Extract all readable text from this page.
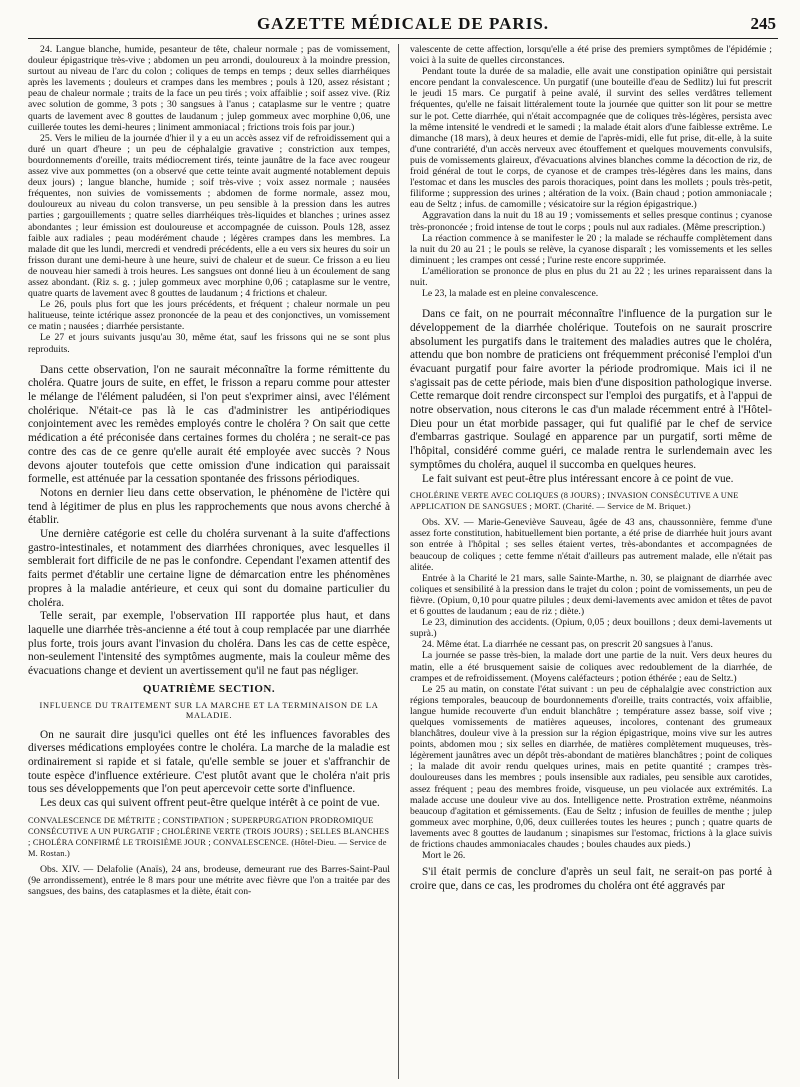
GAZETTE MÉDICALE DE PARIS.	245

24. Langue blanche, humide, pesanteur de tête, chaleur normale ; pas de vomissement, douleur épigastrique très-vive ; abdomen un peu arrondi, douloureux à la moindre pression, surtout au niveau de l'arc du colon ; coliques de temps en temps ; deux selles diarrhéiques après les lavements ; douleurs et crampes dans les membres ; pouls à 120, assez résistant ; peau de chaleur normale ; traits de la face un peu tirés ; voix affaiblie ; soif assez vive. (Riz avec solution de gomme, 3 pots ; 30 sangsues à l'anus ; cataplasme sur le ventre ; quatre quarts de lavement avec 8 gouttes de laudanum ; julep gommeux avec morphine 0,06, une cuillerée toutes les demi-heures ; liniment ammoniacal ; frictions trois fois par jour.)

25. Vers le milieu de la journée d'hier il y a eu un accès assez vif de refroidissement qui a duré un quart d'heure ; un peu de céphalalgie gravative ; constriction aux tempes, bourdonnements d'oreille, traits médiocrement tirés, teinte jaunâtre de la face avec rougeur assez vive aux pommettes (on a observé que cette teinte avait augmenté notablement depuis deux jours) ; langue blanche, humide ; soif très-vive ; voix assez normale ; nausées fréquentes, non suivies de vomissements ; abdomen de forme normale, assez mou, douloureux au niveau du colon transverse, un peu sensible à la pression dans les autres parties ; gargouillements ; quatre selles diarrhéiques très-liquides et blanches ; urines assez abondantes ; leur émission est douloureuse et accompagnée de cuisson. Pouls 128, assez faible aux radiales ; peau modérément chaude ; légères crampes dans les membres. La malade dit que les lundi, mercredi et vendredi précédents, elle a eu vers six heures du soir un frisson durant une demi-heure à une heure, suivi de chaleur et de sueur. Ce frisson a eu lieu de nouveau hier samedi à trois heures. Les sangsues ont donné lieu à un écoulement de sang assez abondant. (Riz s. g. ; julep gommeux avec morphine 0,06 ; cataplasme sur le ventre, quatre quarts de lavement avec 8 gouttes de laudanum ; 4 frictions et chaleur.

Le 26, pouls plus fort que les jours précédents, et fréquent ; chaleur normale un peu halitueuse, teinte ictérique assez prononcée de la peau et des conjonctives, un vomissement ce matin ; nausées ; diarrhée persistante.

Le 27 et jours suivants jusqu'au 30, même état, sauf les frissons qui ne se sont plus reproduits.

Dans cette observation, l'on ne saurait méconnaître la forme rémittente du choléra. Quatre jours de suite, en effet, le frisson a reparu comme pour attester le mélange de l'élément paludéen, si l'on peut s'exprimer ainsi, avec l'élément cholérique. N'était-ce pas là le cas d'administrer les antipériodiques conjointement avec les remèdes employés contre le choléra ? On sait que cette médication a été préconisée dans certaines formes du choléra ; ne serait-ce pas contre des cas de ce genre qu'elle aurait été employée avec succès ? Nous devons ajouter toutefois que cette omission d'une indication qui paraissait formelle, est atténuée par la cessation spontanée des frissons périodiques.

Notons en dernier lieu dans cette observation, le phénomène de l'ictère qui tend à légitimer de plus en plus les rapprochements que nous avons cherché à établir.

Une dernière catégorie est celle du choléra survenant à la suite d'affections gastro-intestinales, et notamment des diarrhées chroniques, avec lesquelles il semblerait fort difficile de ne pas le confondre. Cependant l'examen attentif des faits permet d'établir une certaine ligne de démarcation entre les phénomènes propres à la maladie antérieure, et ceux qui sont du domaine particulier du choléra.

Telle serait, par exemple, l'observation III rapportée plus haut, et dans laquelle une diarrhée très-ancienne a été tout à coup remplacée par une diarrhée plus forte, trois jours avant l'invasion du choléra. Dans les cas de cette espèce, non-seulement l'intensité des symptômes augmente, mais la couleur même des évacuations change et devient un avertissement qu'il ne faut pas négliger.

QUATRIÈME SECTION.
INFLUENCE DU TRAITEMENT SUR LA MARCHE ET LA TERMINAISON DE LA MALADIE.

On ne saurait dire jusqu'ici quelles ont été les influences favorables des diverses médications employées contre le choléra. La marche de la maladie est ordinairement si rapide et si fatale, qu'elle semble se jouer et s'affranchir de toute espèce d'influence extérieure. C'est plutôt avant que le choléra n'ait pris tous ses développements que l'on peut apercevoir cette sorte d'influence.

Les deux cas qui suivent offrent peut-être quelque intérêt à ce point de vue.

CONVALESCENCE DE MÉTRITE ; CONSTIPATION ; SUPERPURGATION PRODROMIQUE CONSÉCUTIVE A UN PURGATIF ; CHOLÉRINE VERTE (TROIS JOURS) ; SELLES BLANCHES ; CHOLÉRA CONFIRMÉ LE TROISIÈME JOUR ; CONVALESCENCE. (Hôtel-Dieu. — Service de M. Rostan.)

Obs. XIV. — Delafolie (Anaïs), 24 ans, brodeuse, demeurant rue des Barres-Saint-Paul (9e arrondissement), entrée le 8 mars pour une métrite avec fièvre que l'on a traitée par des sangsues, des bains, des cataplasmes et la diète, était con-

valescente de cette affection, lorsqu'elle a été prise des premiers symptômes de l'épidémie ; voici à la suite de quelles circonstances.

Pendant toute la durée de sa maladie, elle avait une constipation opiniâtre qui persistait encore pendant la convalescence. Un purgatif (une bouteille d'eau de Sedlitz) lui fut prescrit le jeudi 15 mars. Ce purgatif à peine avalé, il survint des selles verdâtres tellement fréquentes, qu'elle ne faisait littéralement toute la journée que quitter son lit pour se mettre sur le pot. Cette diarrhée, qui n'était accompagnée que de coliques très-légères, persista avec la même intensité le vendredi et le samedi ; la malade était alors d'une faiblesse extrême. Le dimanche (18 mars), à deux heures et demie de l'après-midi, elle fut prise, dit-elle, à la suite d'une contrariété, d'un accès nerveux avec étouffement et quelques mouvements convulsifs, puis de vomissements glaireux, d'évacuations alvines blanches comme la décoction de riz, de froid général de tout le corps, de cyanose et de crampes très-légères dans les mains, dans l'estomac et dans les muscles des parois thoraciques, point dans les mollets ; pouls très-petit, filiforme ; suppression des urines ; altération de la voix. (Bain chaud ; potion ammoniacale ; eau de Seltz ; infus. de camomille ; vésicatoire sur la région épigastrique.)

Aggravation dans la nuit du 18 au 19 ; vomissements et selles presque continus ; cyanose très-prononcée ; froid intense de tout le corps ; pouls nul aux radiales. (Même prescription.)

La réaction commence à se manifester le 20 ; la malade se réchauffe complètement dans la nuit du 20 au 21 ; le pouls se relève, la cyanose disparaît ; les vomissements et les selles diminuent ; les crampes ont cessé ; l'urine reste encore supprimée.

L'amélioration se prononce de plus en plus du 21 au 22 ; les urines reparaissent dans la nuit.

Le 23, la malade est en pleine convalescence.

Dans ce fait, on ne pourrait méconnaître l'influence de la purgation sur le développement de la diarrhée cholérique. Toutefois on ne saurait proscrire absolument les purgatifs dans le traitement des maladies autres que le choléra, attendu que bon nombre de praticiens ont fréquemment préconisé l'emploi d'un évacuant purgatif pour faire avorter la période prodromique. Mais ici il ne s'agissait pas de cette période, mais bien d'une disposition pathologique inverse. Cette remarque doit rendre circonspect sur l'emploi des purgatifs, et à l'appui de notre observation, nous citerons le cas d'un malade récemment entré à l'Hôtel-Dieu pour un état morbide passager, qui fut qualifié par le chef de service d'embarras gastrique. Soulagé en apparence par un purgatif, sorti même de l'hôpital, considéré comme guéri, ce malade rentra le surlendemain avec les symptômes du choléra, auquel il succomba en quelques heures.

Le fait suivant est peut-être plus intéressant encore à ce point de vue.

CHOLÉRINE VERTE AVEC COLIQUES (8 JOURS) ; INVASION CONSÉCUTIVE A UNE APPLICATION DE SANGSUES ; MORT. (Charité. — Service de M. Briquet.)

Obs. XV. — Marie-Geneviève Sauveau, âgée de 43 ans, chaussonnière, femme d'une assez forte constitution, habituellement bien portante, a été prise de diarrhée huit jours avant son entrée à l'hôpital ; ses selles étaient vertes, très-abondantes et accompagnées de beaucoup de coliques ; cette femme n'était d'ailleurs pas autrement malade, elle n'était pas alitée.

Entrée à la Charité le 21 mars, salle Sainte-Marthe, n. 30, se plaignant de diarrhée avec coliques et sensibilité à la pression dans le trajet du colon ; point de vomissements, un peu de fièvre. (Opium, 0,10 pour quatre pilules ; deux demi-lavements avec amidon et têtes de pavot et 6 gouttes de laudanum ; eau de riz ; diète.)

Le 23, diminution des accidents. (Opium, 0,05 ; deux bouillons ; deux demi-lavements ut suprà.)

24. Même état. La diarrhée ne cessant pas, on prescrit 20 sangsues à l'anus.

La journée se passe très-bien, la malade dort une partie de la nuit. Vers deux heures du matin, elle a été brusquement saisie de coliques avec redoublement de la diarrhée, de crampes et de refroidissement. (Moyens caléfacteurs ; potion éthérée ; eau de Seltz.)

Le 25 au matin, on constate l'état suivant : un peu de céphalalgie avec constriction aux régions temporales, beaucoup de bourdonnements d'oreille, traits contractés, voix affaiblie, langue humide recouverte d'un enduit blanchâtre ; température assez basse, soif vive ; quelques vomissements de matières aqueuses, incolores, contenant des grumeaux blanchâtres, douleur vive à la pression sur la région épigastrique, moins vive sur les autres points, abdomen mou ; six selles en diarrhée, de matières complètement muqueuses, très-légèrement jaunâtres avec un dépôt très-abondant de matières blanchâtres ; point de coliques ; la malade dit avoir rendu quelques urines, mais en petite quantité ; crampes très-douloureuses dans les membres ; pouls insensible aux radiales, peu sensible aux carotides, assez fréquent ; peau des membres froide, visqueuse, un peu violacée aux extrémités. La malade accuse une douleur vive au dos. Intelligence nette. Prostration extrême, néanmoins beaucoup d'agitation et gémissements. (Eau de Seltz ; infusion de feuilles de menthe ; julep gommeux avec morphine, 0,06, deux cuillerées toutes les heures ; punch ; quatre quarts de lavements avec 8 gouttes de laudanum ; sinapismes sur l'estomac, frictions à la glace suivis de frictions chaudes ammoniacales chaudes ; boules chaudes aux pieds.)

Mort le 26.

S'il était permis de conclure d'après un seul fait, ne serait-on pas porté à croire que, dans ce cas, les prodromes du choléra ont été aggravés par
